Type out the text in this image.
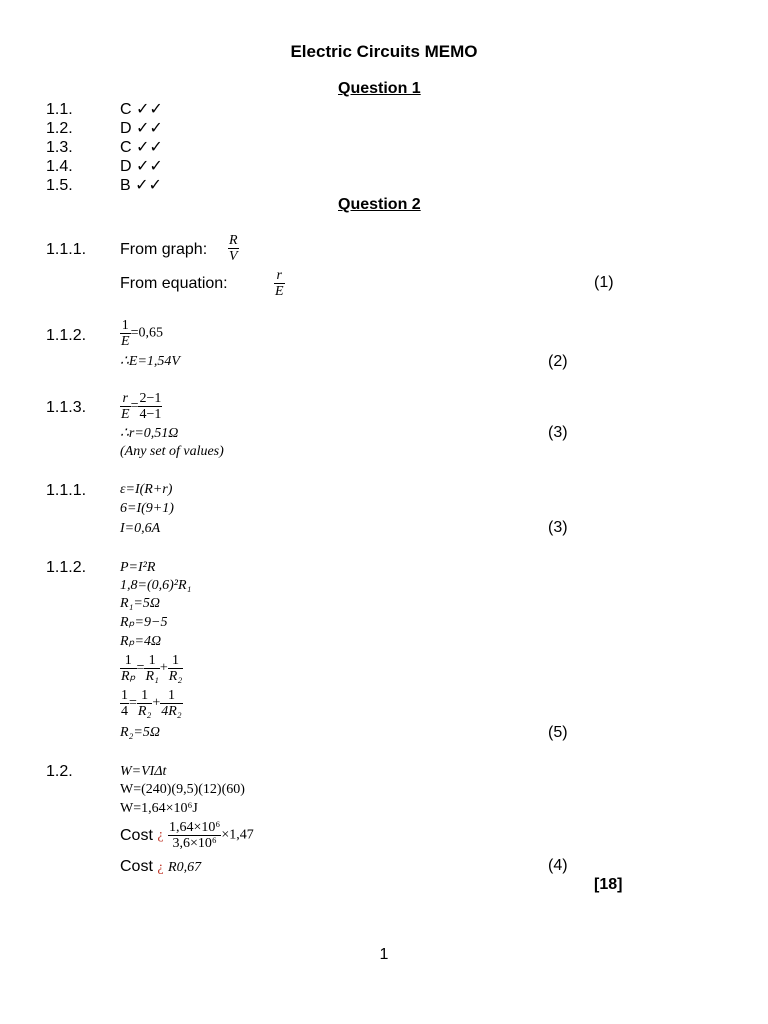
Electric Circuits MEMO
Question 1
1.1.	C ✓✓
1.2.	D ✓✓
1.3.	C ✓✓
1.4.	D ✓✓
1.5.	B ✓✓
Question 2
1.1.1. From graph: $\frac{R}{V}$
From equation:	$\frac{r}{E}$	(1)
1.1.2. $\frac{1}{E} =0,65$
∴E=1,54V	(2)
1.1.3. $\frac{r}{E} = \frac{2-1}{4-1}$
∴r=0,51Ω
(Any set of values)
(3)
1.1.1. ε=I(R+r)
6=I(9+1)
I=0,6A	(3)
1.1.2. P=I²R
1,8=(0,6)²R₁
R₁=5Ω
Rₚ=9−5
Rₚ=4Ω
$\frac{1}{\text{Rₚ}} = \frac{1}{\text{R₁}} + \frac{1}{\text{R₂}}$
$\frac{1}{4} = \frac{1}{\text{R₂}} + \frac{1}{\text{4R₂}}$
R₂=5Ω	(5)
1.2.	W=VIΔt
W=(240)(9,5)(12)(60)
W=1,64×10⁶J
Cost ¿ $\frac{\text{1,64×10⁶}}{\text{3,6×10⁶}} \times 1,47$
Cost ¿ R0,67	(4)
[18]
1
